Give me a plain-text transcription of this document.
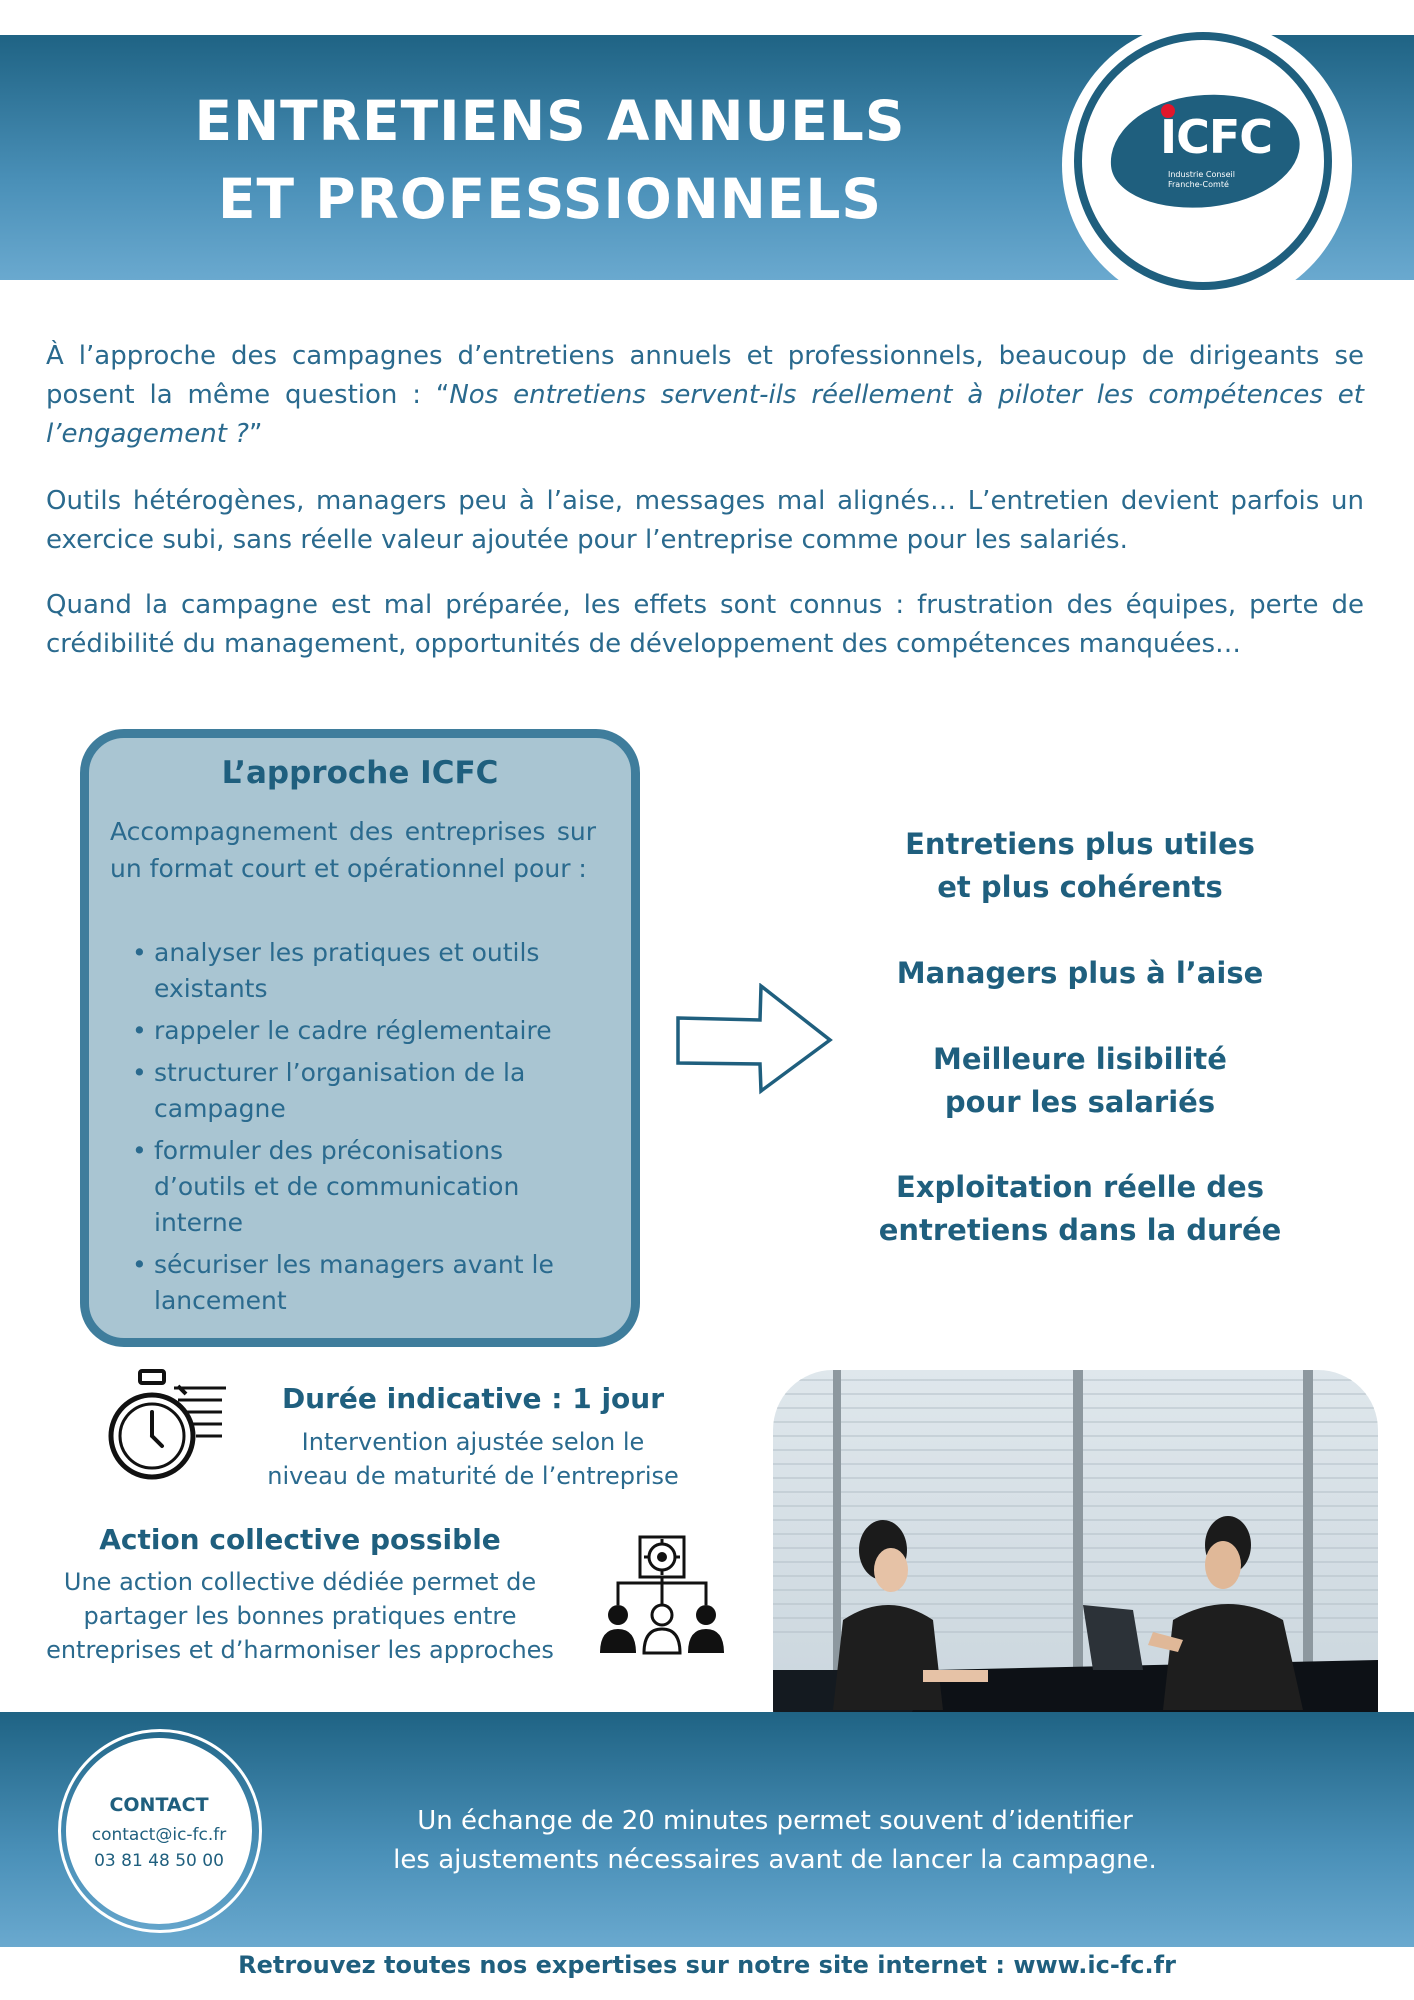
ENTRETIENS ANNUELS
ET PROFESSIONNELS
ICFC
Industrie Conseil
Franche-Comté
À l’approche des campagnes d’entretiens annuels et professionnels, beaucoup de dirigeants se posent la même question : “Nos entretiens servent-ils réellement à piloter les compétences et l’engagement ?”
Outils hétérogènes, managers peu à l’aise, messages mal alignés… L’entretien devient parfois un exercice subi, sans réelle valeur ajoutée pour l’entreprise comme pour les salariés.
Quand la campagne est mal préparée, les effets sont connus : frustration des équipes, perte de crédibilité du management, opportunités de développement des compétences manquées…
L’approche ICFC
Accompagnement des entreprises sur un format court et opérationnel pour :
• analyser les pratiques et outils existants
• rappeler le cadre réglementaire
• structurer l’organisation de la campagne
• formuler des préconisations d’outils et de communication interne
• sécuriser les managers avant le lancement
Entretiens plus utiles
et plus cohérents
Managers plus à l’aise
Meilleure lisibilité
pour les salariés
Exploitation réelle des
entretiens dans la durée
Durée indicative : 1 jour
Intervention ajustée selon le
niveau de maturité de l’entreprise
Action collective possible
Une action collective dédiée permet de
partager les bonnes pratiques entre
entreprises et d’harmoniser les approches
CONTACT
contact@ic-fc.fr
03 81 48 50 00
Un échange de 20 minutes permet souvent d’identifier
les ajustements nécessaires avant de lancer la campagne.
Retrouvez toutes nos expertises sur notre site internet : www.ic-fc.fr
